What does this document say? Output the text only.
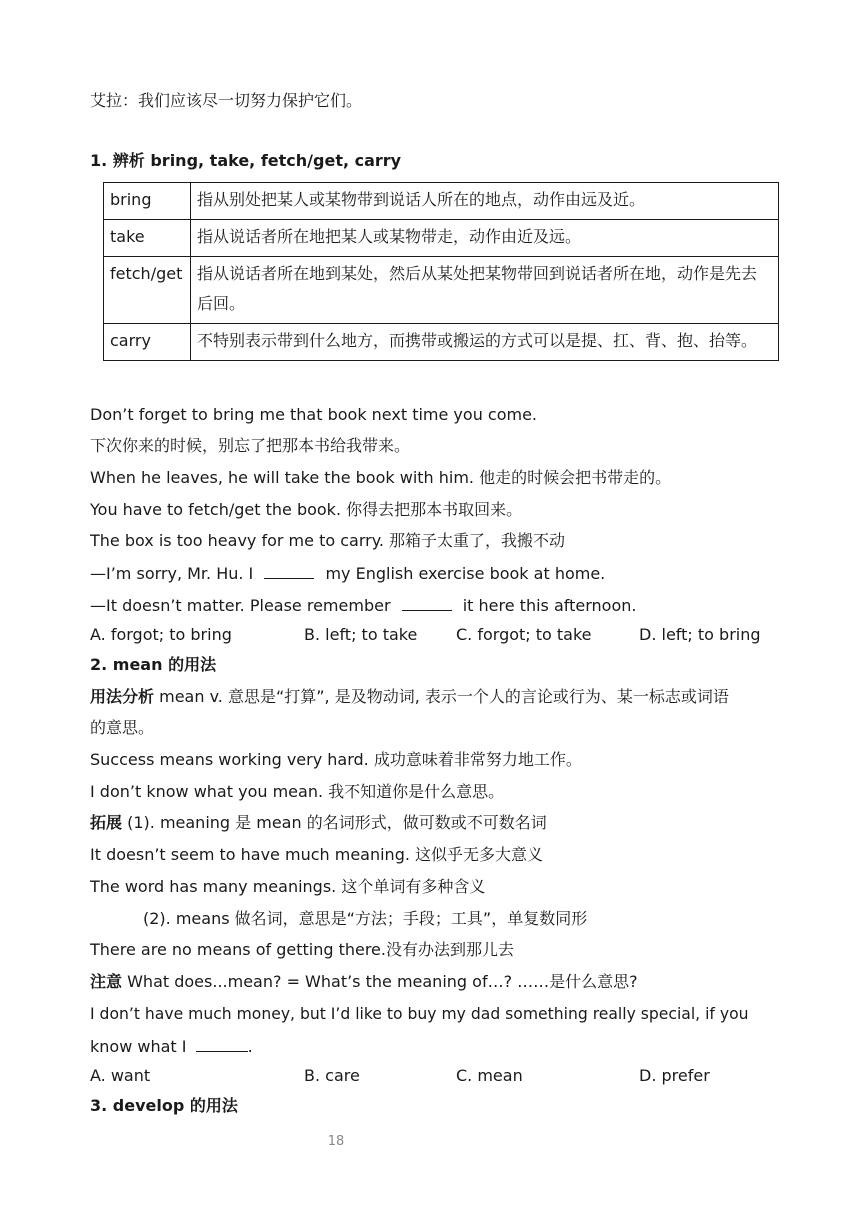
艾拉：我们应该尽一切努力保护它们。
1. 辨析 bring, take, fetch/get, carry
bring	指从别处把某人或某物带到说话人所在的地点，动作由远及近。
take	指从说话者所在地把某人或某物带走，动作由近及远。
fetch/get	指从说话者所在地到某处，然后从某处把某物带回到说话者所在地，动作是先去后回。
carry	不特别表示带到什么地方，而携带或搬运的方式可以是提、扛、背、抱、抬等。
Don’t forget to bring me that book next time you come.
下次你来的时候，别忘了把那本书给我带来。
When he leaves, he will take the book with him. 他走的时候会把书带走的。
You have to fetch/get the book. 你得去把那本书取回来。
The box is too heavy for me to carry. 那箱子太重了，我搬不动
—I’m sorry, Mr. Hu. I	my English exercise book at home.
—It doesn’t matter. Please remember	it here this afternoon.
A. forgot; to bring	B. left; to take C. forgot; to take	D. left; to bring
2. mean 的用法
用法分析 mean v. 意思是“打算”, 是及物动词, 表示一个人的言论或行为、某一标志或词语
的意思。
Success means working very hard. 成功意味着非常努力地工作。
I don’t know what you mean. 我不知道你是什么意思。
拓展 (1). meaning 是 mean 的名词形式，做可数或不可数名词
It doesn’t seem to have much meaning. 这似乎无多大意义
The word has many meanings. 这个单词有多种含义
(2). means 做名词，意思是“方法；手段；工具”，单复数同形
There are no means of getting there.没有办法到那儿去
注意 What does...mean? = What’s the meaning of…? ……是什么意思?
I don’t have much money, but I’d like to buy my dad something really special, if you
know what I	.
A. want	B. care	C. mean	D. prefer
3. develop 的用法
18
